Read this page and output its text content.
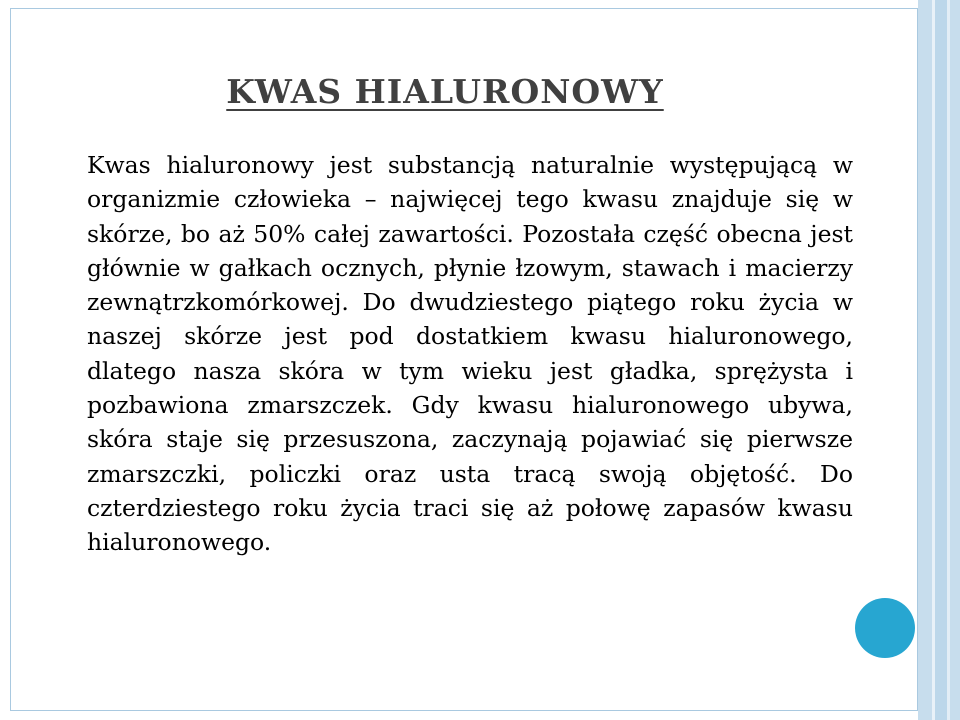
KWAS HIALURONOWY

Kwas hialuronowy jest substancją naturalnie występującą w organizmie człowieka – najwięcej tego kwasu znajduje się w skórze, bo aż 50% całej zawartości. Pozostała część obecna jest głównie w gałkach ocznych, płynie łzowym, stawach i macierzy zewnątrzkomórkowej. Do dwudziestego piątego roku życia w naszej skórze jest pod dostatkiem kwasu hialuronowego, dlatego nasza skóra w tym wieku jest gładka, sprężysta i pozbawiona zmarszczek. Gdy kwasu hialuronowego ubywa, skóra staje się przesuszona, zaczynają pojawiać się pierwsze zmarszczki, policzki oraz usta tracą swoją objętość. Do czterdziestego roku życia traci się aż połowę zapasów kwasu hialuronowego.
